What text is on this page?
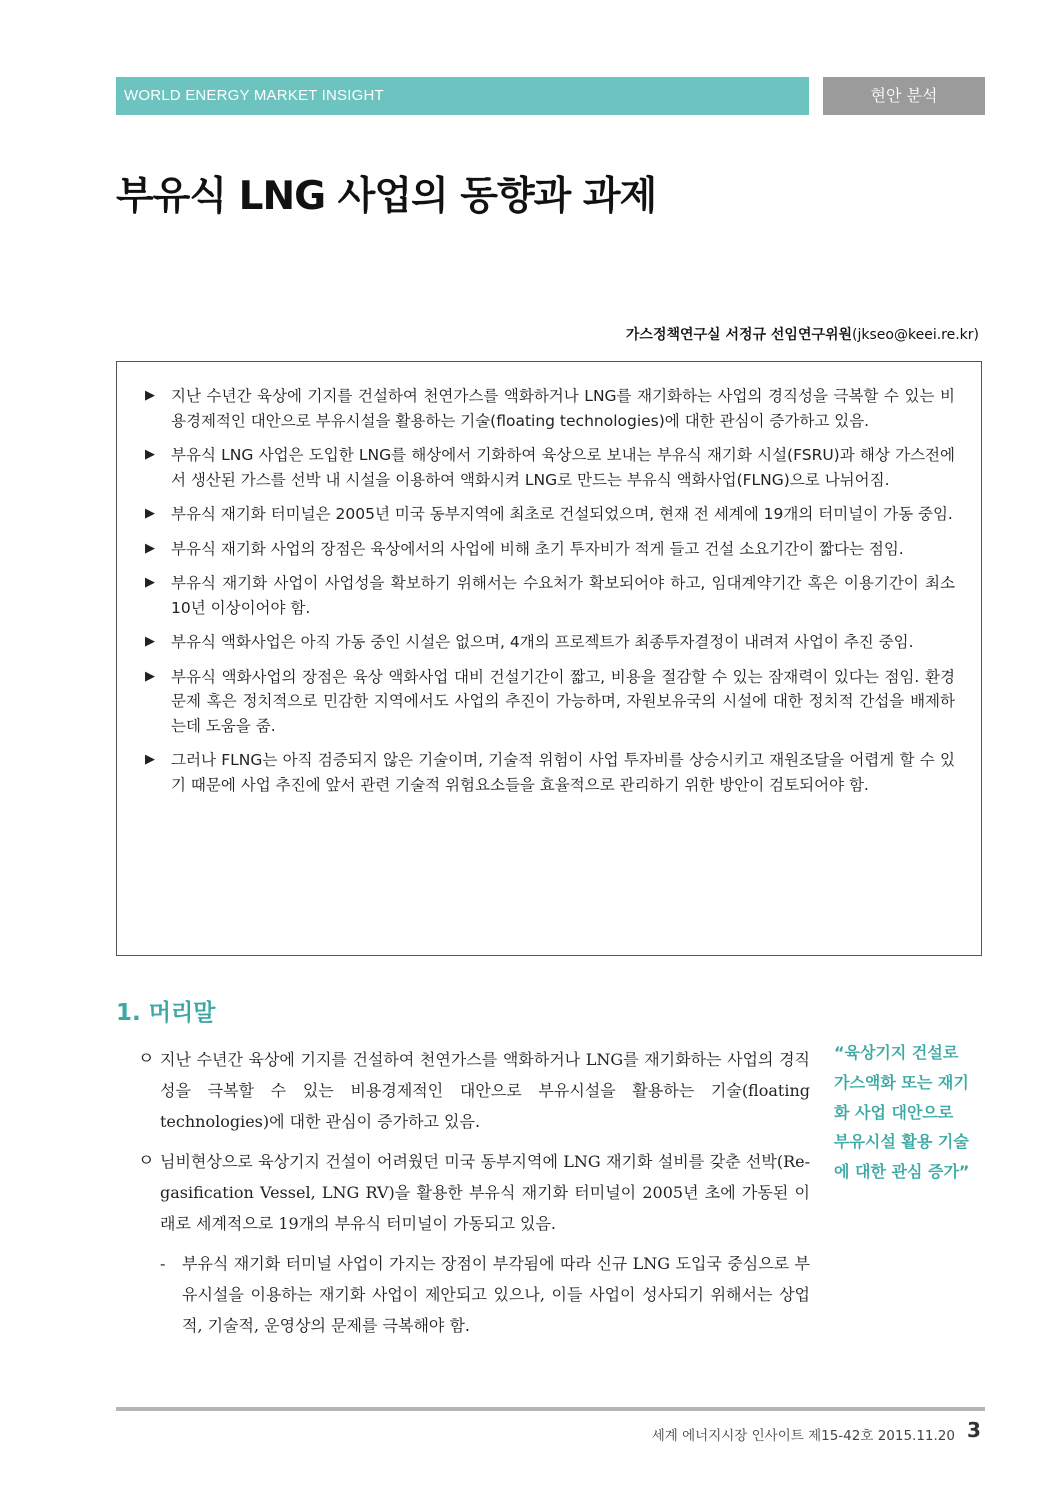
WORLD ENERGY MARKET INSIGHT	현안 분석
부유식 LNG 사업의 동향과 과제
가스정책연구실 서정규 선임연구위원(jkseo@keei.re.kr)
▶ 지난 수년간 육상에 기지를 건설하여 천연가스를 액화하거나 LNG를 재기화하는 사업의 경직성을 극복할 수 있는 비용경제적인 대안으로 부유시설을 활용하는 기술(floating technologies)에 대한 관심이 증가하고 있음.
▶ 부유식 LNG 사업은 도입한 LNG를 해상에서 기화하여 육상으로 보내는 부유식 재기화 시설(FSRU)과 해상 가스전에서 생산된 가스를 선박 내 시설을 이용하여 액화시켜 LNG로 만드는 부유식 액화사업(FLNG)으로 나뉘어짐.
▶ 부유식 재기화 터미널은 2005년 미국 동부지역에 최초로 건설되었으며, 현재 전 세계에 19개의 터미널이 가동 중임.
▶ 부유식 재기화 사업의 장점은 육상에서의 사업에 비해 초기 투자비가 적게 들고 건설 소요기간이 짧다는 점임.
▶ 부유식 재기화 사업이 사업성을 확보하기 위해서는 수요처가 확보되어야 하고, 임대계약기간 혹은 이용기간이 최소 10년 이상이어야 함.
▶ 부유식 액화사업은 아직 가동 중인 시설은 없으며, 4개의 프로젝트가 최종투자결정이 내려져 사업이 추진 중임.
▶ 부유식 액화사업의 장점은 육상 액화사업 대비 건설기간이 짧고, 비용을 절감할 수 있는 잠재력이 있다는 점임. 환경문제 혹은 정치적으로 민감한 지역에서도 사업의 추진이 가능하며, 자원보유국의 시설에 대한 정치적 간섭을 배제하는데 도움을 줌.
▶ 그러나 FLNG는 아직 검증되지 않은 기술이며, 기술적 위험이 사업 투자비를 상승시키고 재원조달을 어렵게 할 수 있기 때문에 사업 추진에 앞서 관련 기술적 위험요소들을 효율적으로 관리하기 위한 방안이 검토되어야 함.
1. 머리말
ㅇ 지난 수년간 육상에 기지를 건설하여 천연가스를 액화하거나 LNG를 재기화하는 사업의 경직성을 극복할 수 있는 비용경제적인 대안으로 부유시설을 활용하는 기술(floating technologies)에 대한 관심이 증가하고 있음.
ㅇ 님비현상으로 육상기지 건설이 어려웠던 미국 동부지역에 LNG 재기화 설비를 갖춘 선박(Re-gasification Vessel, LNG RV)을 활용한 부유식 재기화 터미널이 2005년 초에 가동된 이래로 세계적으로 19개의 부유식 터미널이 가동되고 있음.
- 부유식 재기화 터미널 사업이 가지는 장점이 부각됨에 따라 신규 LNG 도입국 중심으로 부유시설을 이용하는 재기화 사업이 제안되고 있으나, 이들 사업이 성사되기 위해서는 상업적, 기술적, 운영상의 문제를 극복해야 함.
“육상기지 건설로 가스액화 또는 재기화 사업 대안으로 부유시설 활용 기술에 대한 관심 증가”
세계 에너지시장 인사이트 제15-42호 2015.11.20 3
